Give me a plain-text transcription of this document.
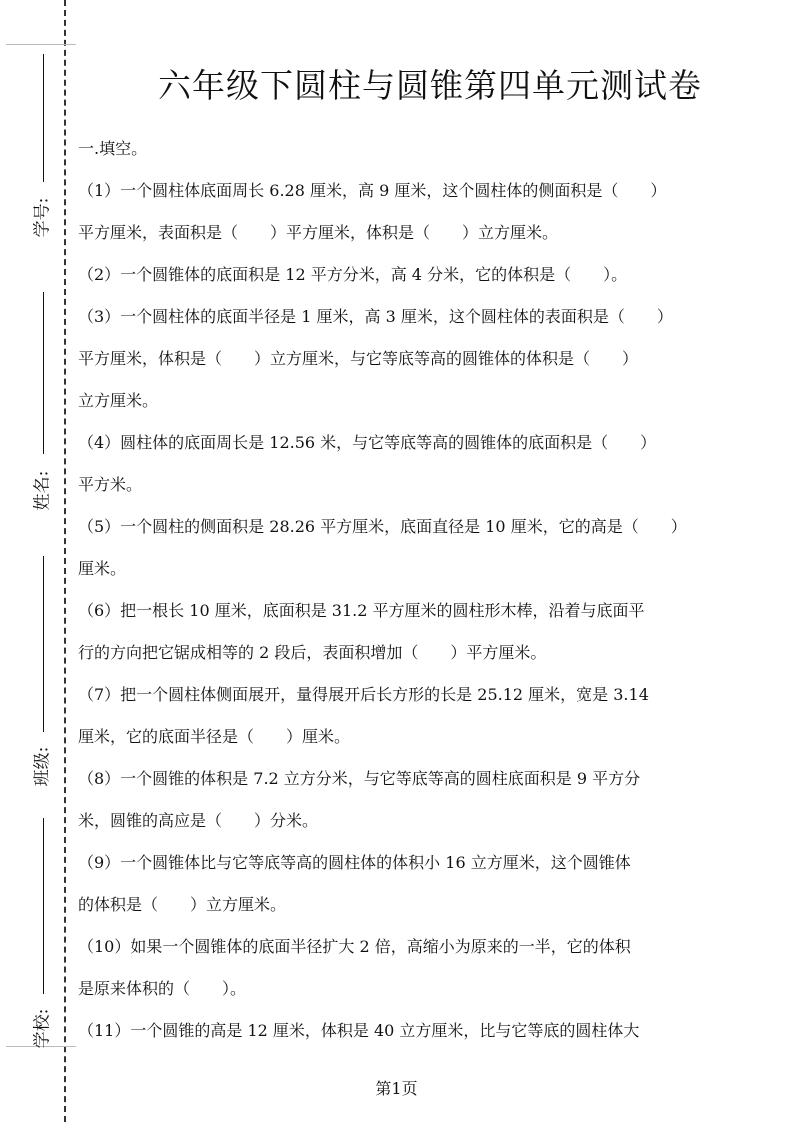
学号:
姓名:
班级:
学校:
六年级下圆柱与圆锥第四单元测试卷
一.填空。
（1）一个圆柱体底面周长 6.28 厘米，高 9 厘米，这个圆柱体的侧面积是（　　）
平方厘米，表面积是（　　）平方厘米，体积是（　　）立方厘米。
（2）一个圆锥体的底面积是 12 平方分米，高 4 分米，它的体积是（　　）。
（3）一个圆柱体的底面半径是 1 厘米，高 3 厘米，这个圆柱体的表面积是（　　）
平方厘米，体积是（　　）立方厘米，与它等底等高的圆锥体的体积是（　　）
立方厘米。
（4）圆柱体的底面周长是 12.56 米，与它等底等高的圆锥体的底面积是（　　）
平方米。
（5）一个圆柱的侧面积是 28.26 平方厘米，底面直径是 10 厘米，它的高是（　　）
厘米。
（6）把一根长 10 厘米，底面积是 31.2 平方厘米的圆柱形木棒，沿着与底面平
行的方向把它锯成相等的 2 段后，表面积增加（　　）平方厘米。
（7）把一个圆柱体侧面展开，量得展开后长方形的长是 25.12 厘米，宽是 3.14
厘米，它的底面半径是（　　）厘米。
（8）一个圆锥的体积是 7.2 立方分米，与它等底等高的圆柱底面积是 9 平方分
米，圆锥的高应是（　　）分米。
（9）一个圆锥体比与它等底等高的圆柱体的体积小 16 立方厘米，这个圆锥体
的体积是（　　）立方厘米。
（10）如果一个圆锥体的底面半径扩大 2 倍，高缩小为原来的一半，它的体积
是原来体积的（　　）。
（11）一个圆锥的高是 12 厘米，体积是 40 立方厘米，比与它等底的圆柱体大
第1页
